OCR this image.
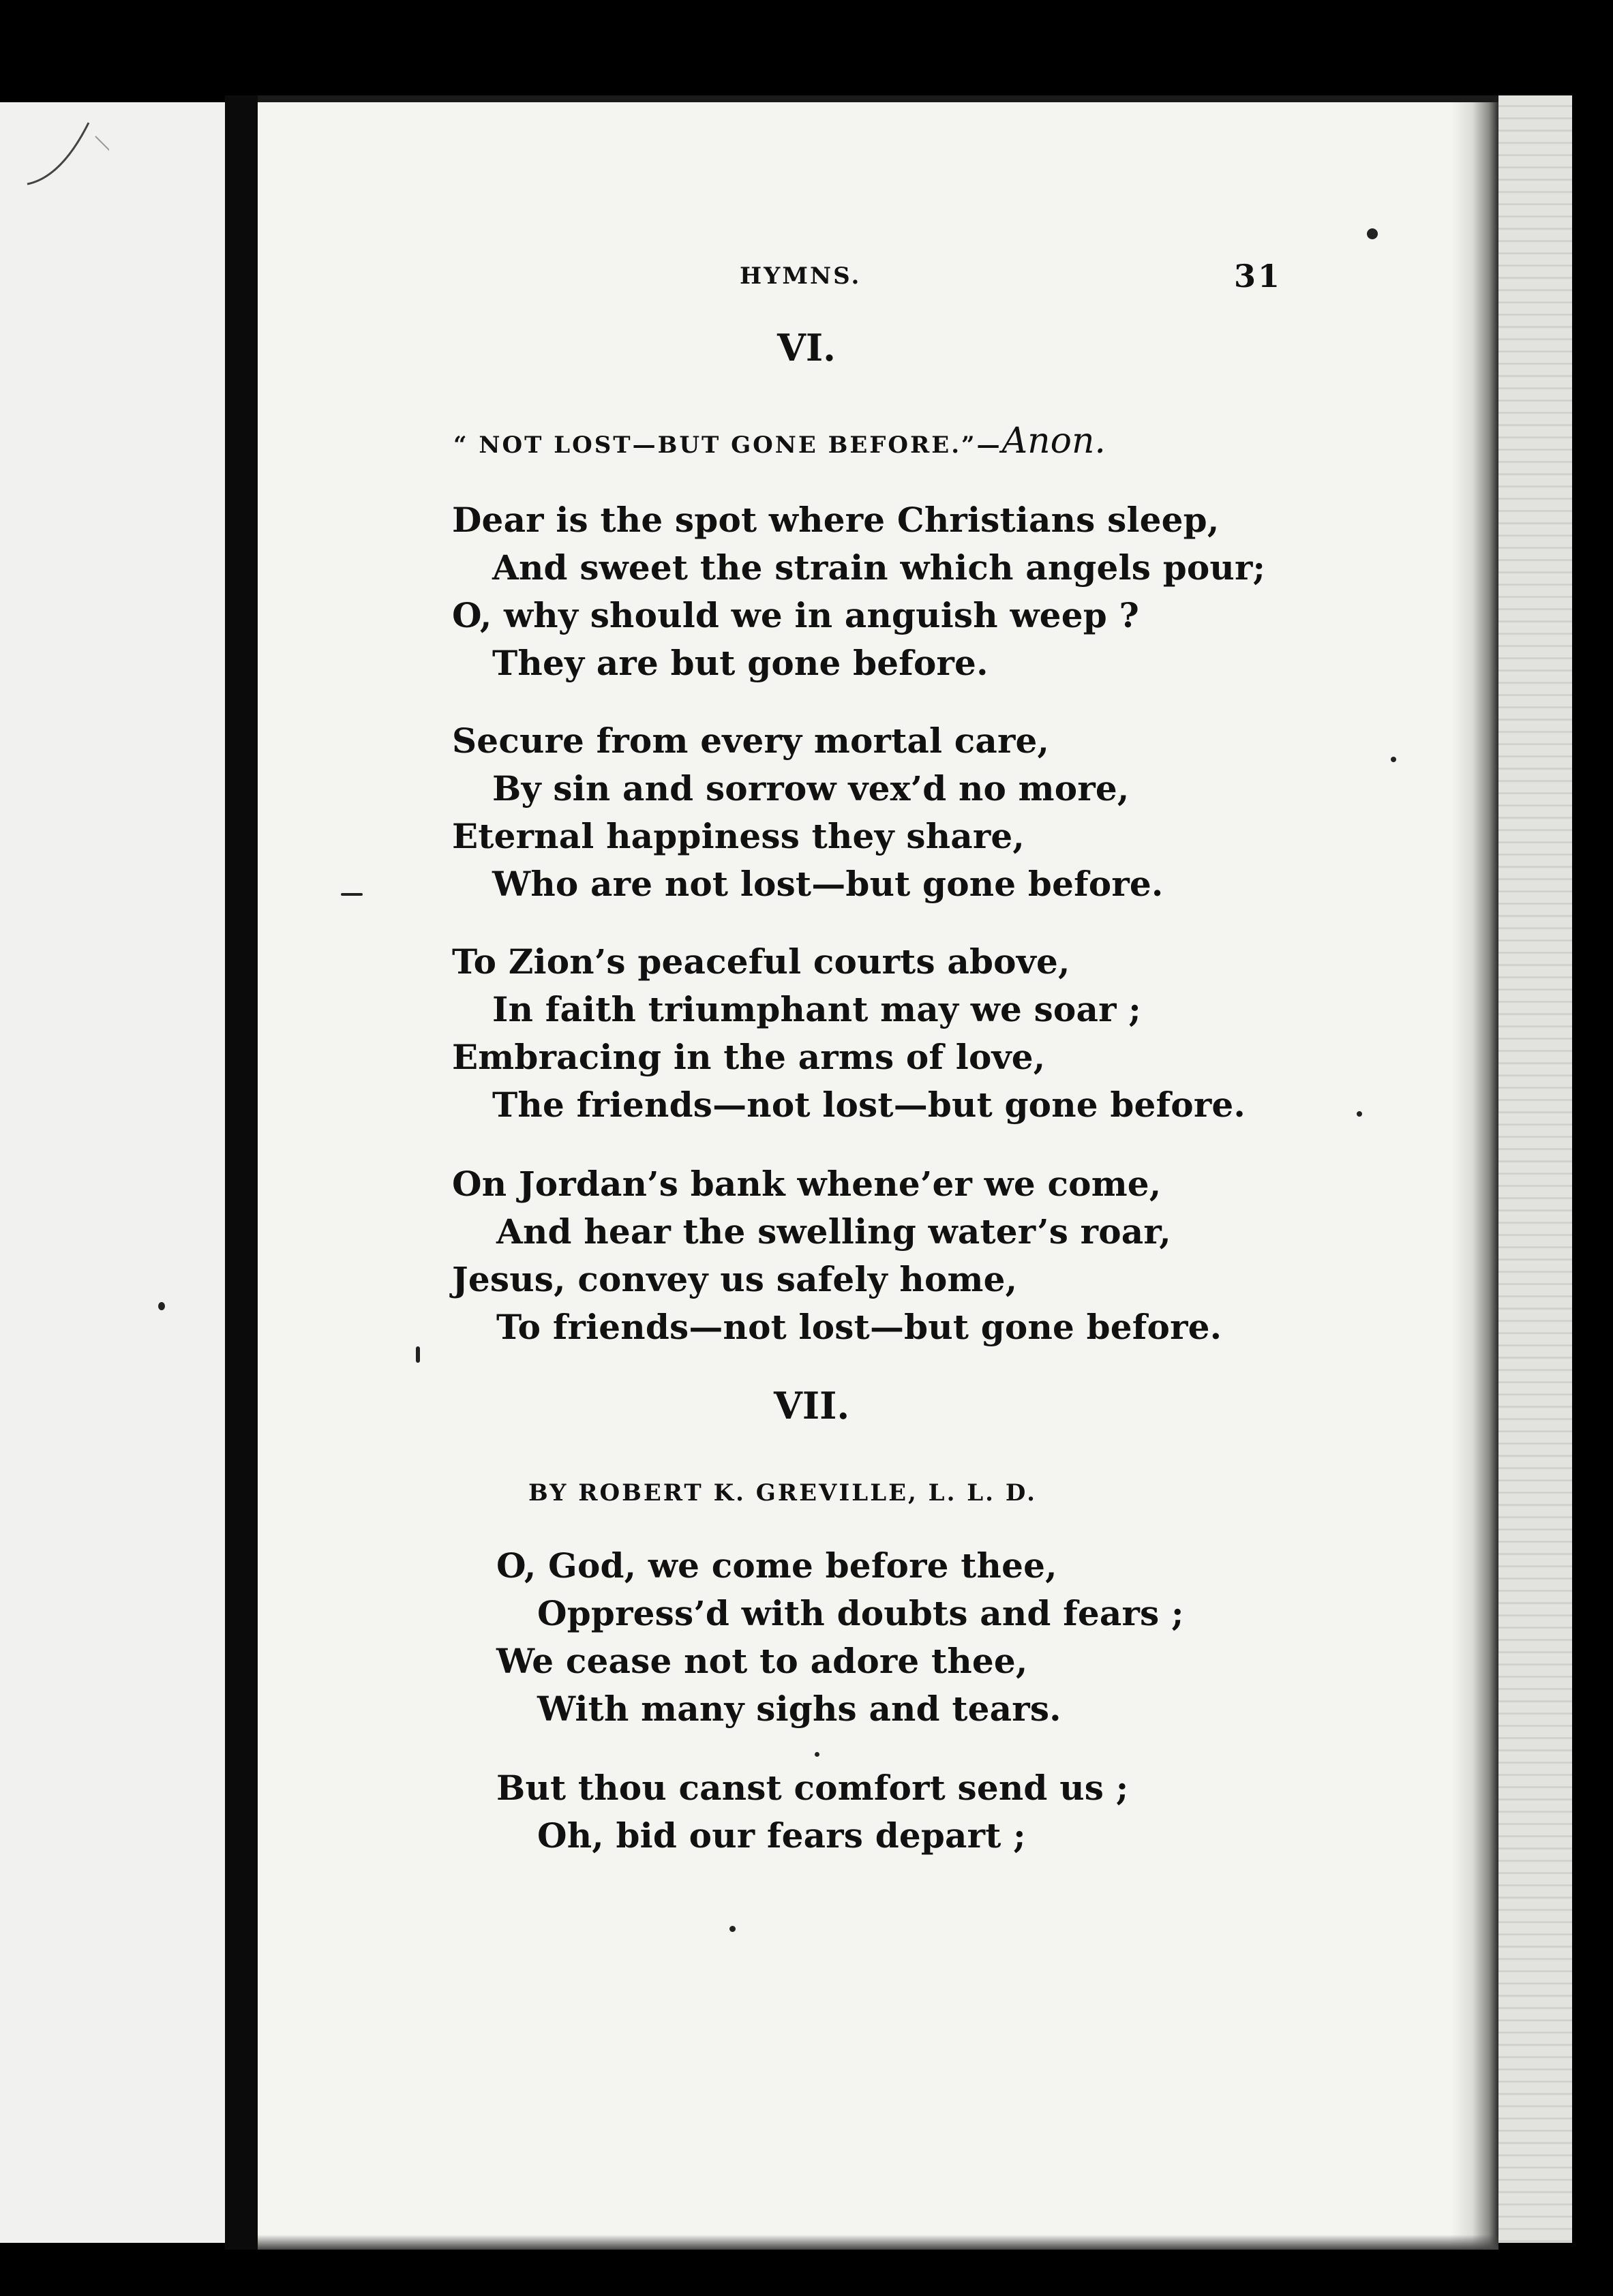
HYMNS.	31
VI.
“ NOT LOST—BUT GONE BEFORE.”—Anon.

Dear is the spot where Christians sleep,

And sweet the strain which angels pour;

O, why should we in anguish weep ?

They are but gone before.

Secure from every mortal care,

By sin and sorrow vex’d no more,

Eternal happiness they share,

Who are not lost—but gone before.

To Zion’s peaceful courts above,

In faith triumphant may we soar ;

Embracing in the arms of love,

The friends—not lost—but gone before.

On Jordan’s bank whene’er we come,

And hear the swelling water’s roar,

Jesus, convey us safely home,

To friends—not lost—but gone before.

VII.
BY ROBERT K. GREVILLE, L. L. D.

O, God, we come before thee,

Oppress’d with doubts and fears ;

We cease not to adore thee,

With many sighs and tears.

But thou canst comfort send us ;

Oh, bid our fears depart ;
